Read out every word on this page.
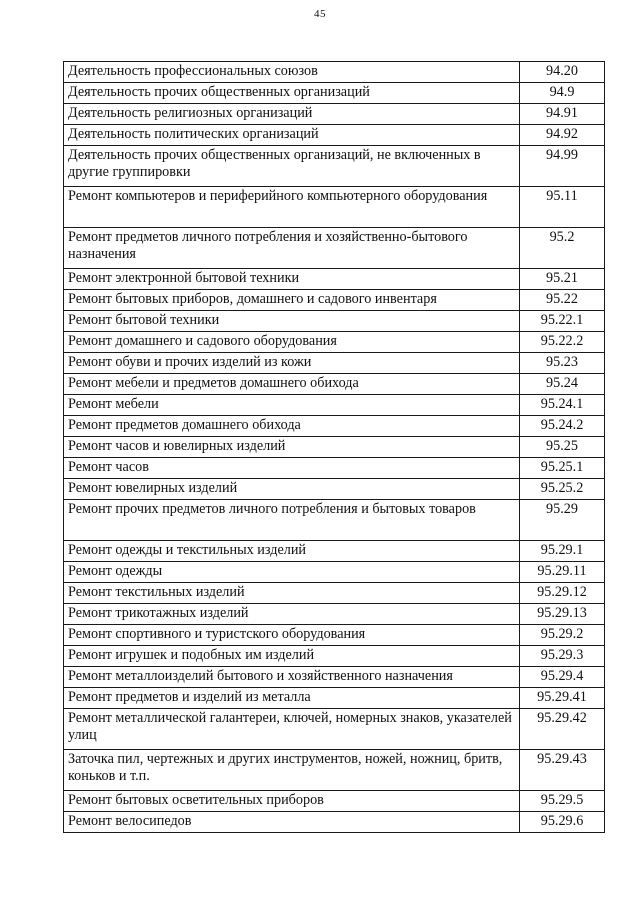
45
Деятельность профессиональных союзов	94.20
Деятельность прочих общественных организаций	94.9
Деятельность религиозных организаций	94.91
Деятельность политических организаций	94.92
Деятельность прочих общественных организаций, не включенных в другие группировки	94.99
Ремонт компьютеров и периферийного компьютерного оборудования	95.11
Ремонт предметов личного потребления и хозяйственно-бытового назначения	95.2
Ремонт электронной бытовой техники	95.21
Ремонт бытовых приборов, домашнего и садового инвентаря	95.22
Ремонт бытовой техники	95.22.1
Ремонт домашнего и садового оборудования	95.22.2
Ремонт обуви и прочих изделий из кожи	95.23
Ремонт мебели и предметов домашнего обихода	95.24
Ремонт мебели	95.24.1
Ремонт предметов домашнего обихода	95.24.2
Ремонт часов и ювелирных изделий	95.25
Ремонт часов	95.25.1
Ремонт ювелирных изделий	95.25.2
Ремонт прочих предметов личного потребления и бытовых товаров	95.29
Ремонт одежды и текстильных изделий	95.29.1
Ремонт одежды	95.29.11
Ремонт текстильных изделий	95.29.12
Ремонт трикотажных изделий	95.29.13
Ремонт спортивного и туристского оборудования	95.29.2
Ремонт игрушек и подобных им изделий	95.29.3
Ремонт металлоизделий бытового и хозяйственного назначения	95.29.4
Ремонт предметов и изделий из металла	95.29.41
Ремонт металлической галантереи, ключей, номерных знаков, указателей улиц	95.29.42
Заточка пил, чертежных и других инструментов, ножей, ножниц, бритв, коньков и т.п.	95.29.43
Ремонт бытовых осветительных приборов	95.29.5
Ремонт велосипедов	95.29.6
